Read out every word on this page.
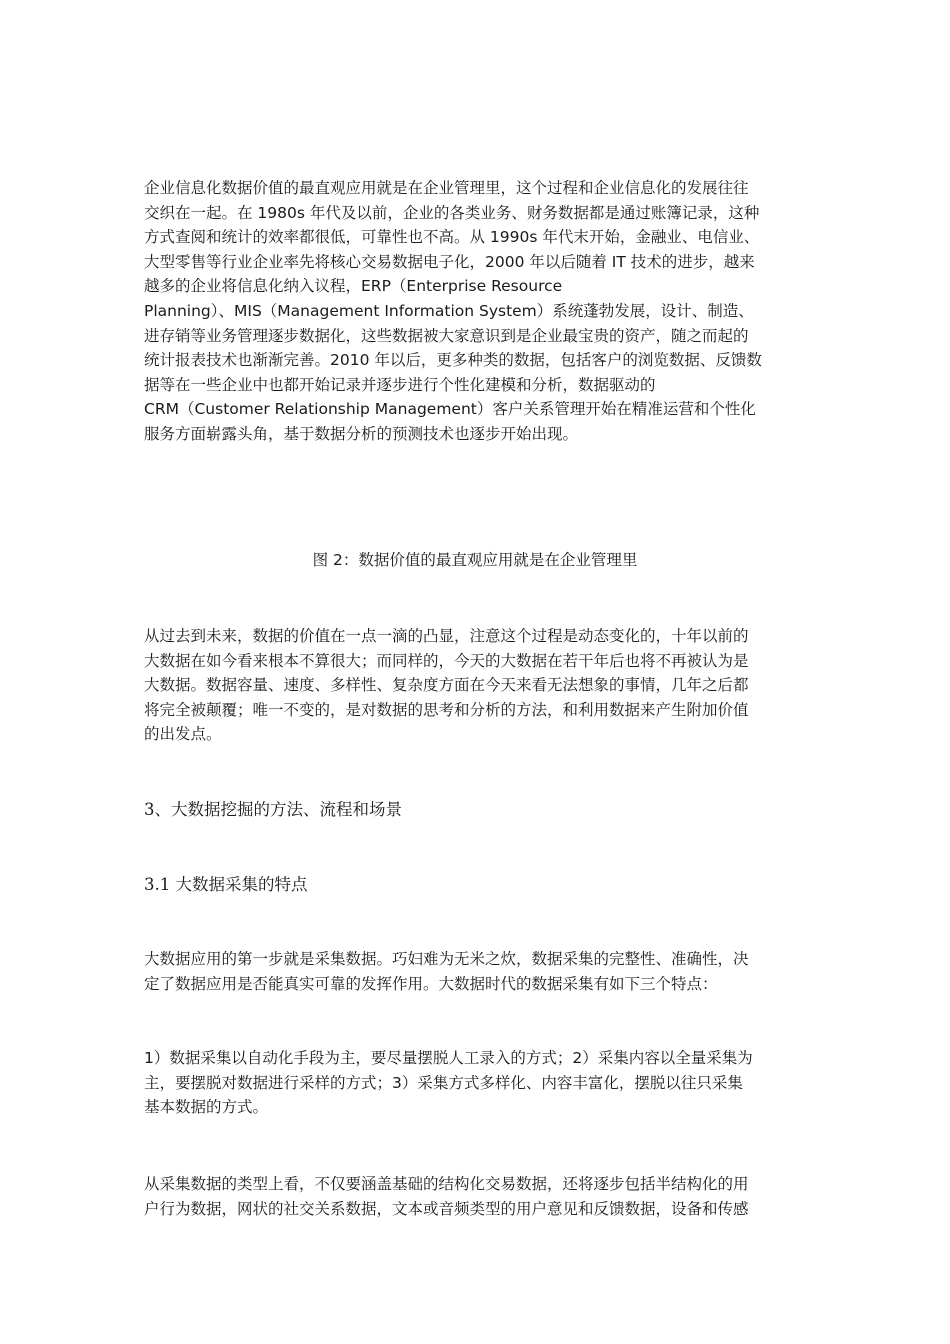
企业信息化数据价值的最直观应用就是在企业管理里，这个过程和企业信息化的发展往往
交织在一起。在 1980s 年代及以前，企业的各类业务、财务数据都是通过账簿记录，这种
方式查阅和统计的效率都很低，可靠性也不高。从 1990s 年代末开始，金融业、电信业、
大型零售等行业企业率先将核心交易数据电子化，2000 年以后随着 IT 技术的进步，越来
越多的企业将信息化纳入议程，ERP（Enterprise Resource
Planning）、MIS（Management Information System）系统蓬勃发展，设计、制造、
进存销等业务管理逐步数据化，这些数据被大家意识到是企业最宝贵的资产，随之而起的
统计报表技术也渐渐完善。2010 年以后，更多种类的数据，包括客户的浏览数据、反馈数
据等在一些企业中也都开始记录并逐步进行个性化建模和分析，数据驱动的
CRM（Customer Relationship Management）客户关系管理开始在精准运营和个性化
服务方面崭露头角，基于数据分析的预测技术也逐步开始出现。

图 2：数据价值的最直观应用就是在企业管理里

从过去到未来，数据的价值在一点一滴的凸显，注意这个过程是动态变化的，十年以前的
大数据在如今看来根本不算很大；而同样的，今天的大数据在若干年后也将不再被认为是
大数据。数据容量、速度、多样性、复杂度方面在今天来看无法想象的事情，几年之后都
将完全被颠覆；唯一不变的，是对数据的思考和分析的方法，和利用数据来产生附加价值
的出发点。

3、大数据挖掘的方法、流程和场景
3.1 大数据采集的特点

大数据应用的第一步就是采集数据。巧妇难为无米之炊，数据采集的完整性、准确性，决
定了数据应用是否能真实可靠的发挥作用。大数据时代的数据采集有如下三个特点：

1）数据采集以自动化手段为主，要尽量摆脱人工录入的方式；2）采集内容以全量采集为
主，要摆脱对数据进行采样的方式；3）采集方式多样化、内容丰富化，摆脱以往只采集
基本数据的方式。

从采集数据的类型上看，不仅要涵盖基础的结构化交易数据，还将逐步包括半结构化的用
户行为数据，网状的社交关系数据，文本或音频类型的用户意见和反馈数据，设备和传感
